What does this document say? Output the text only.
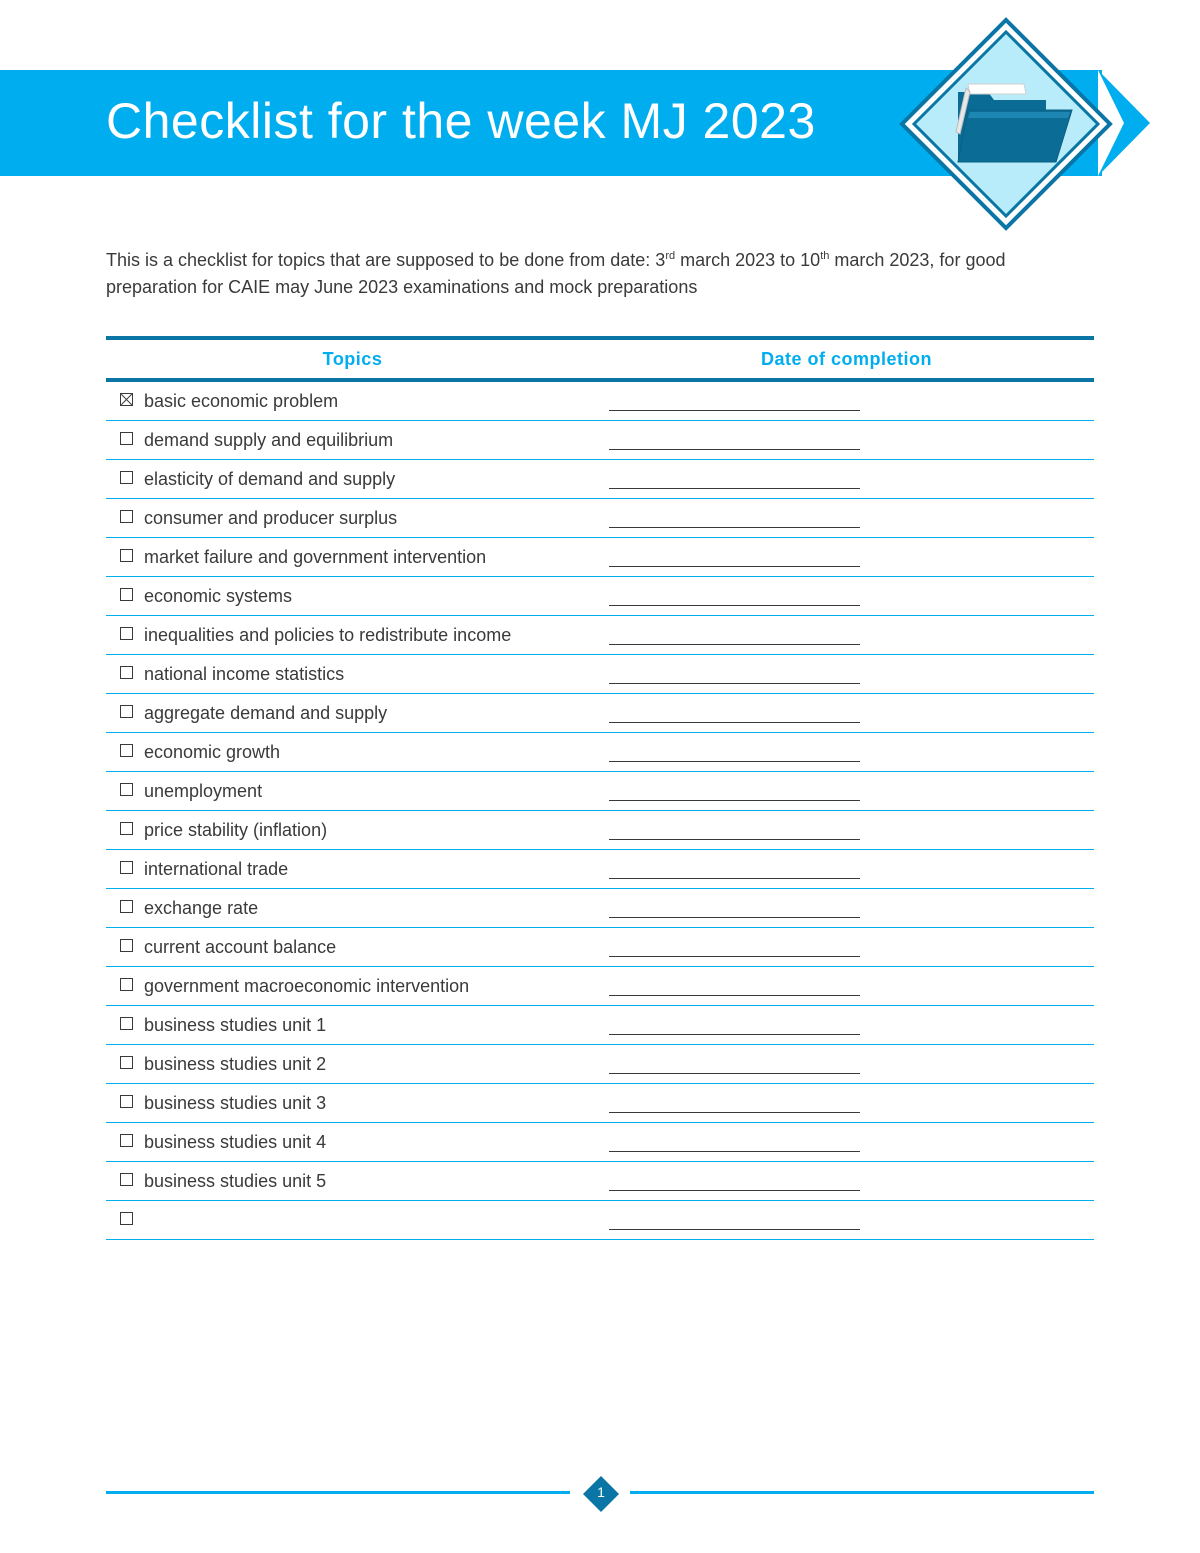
Checklist for the week MJ 2023

This is a checklist for topics that are supposed to be done from date: 3rd march 2023 to 10th march 2023, for good preparation for CAIE may June 2023 examinations and mock preparations

Topics	Date of completion
basic economic problem
demand supply and equilibrium
elasticity of demand and supply
consumer and producer surplus
market failure and government intervention
economic systems
inequalities and policies to redistribute income
national income statistics
aggregate demand and supply
economic growth
unemployment
price stability (inflation)
international trade
exchange rate
current account balance
government macroeconomic intervention
business studies unit 1
business studies unit 2
business studies unit 3
business studies unit 4
business studies unit 5
1
